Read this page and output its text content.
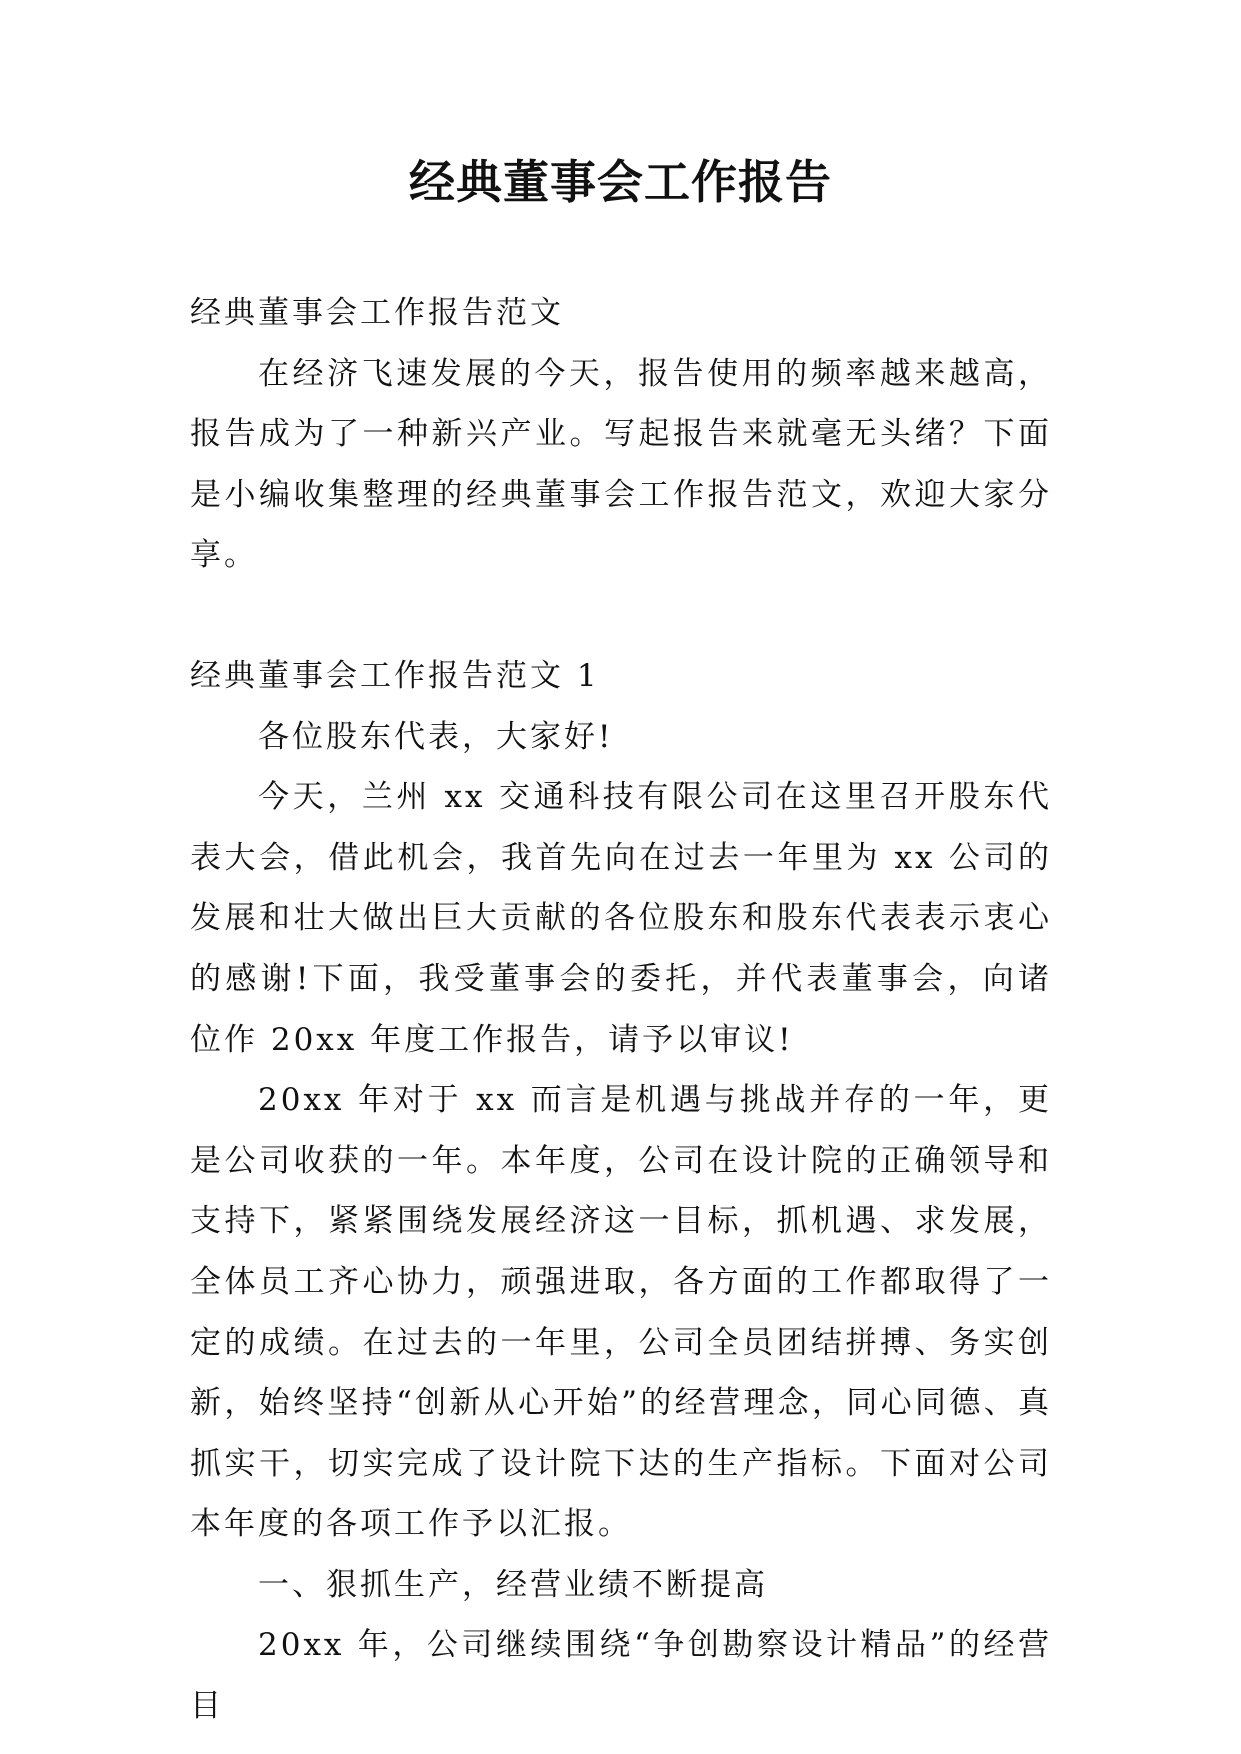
经典董事会工作报告

经典董事会工作报告范文

在经济飞速发展的今天，报告使用的频率越来越高，报告成为了一种新兴产业。写起报告来就毫无头绪？下面是小编收集整理的经典董事会工作报告范文，欢迎大家分享。

经典董事会工作报告范文 1

各位股东代表，大家好!

今天，兰州 xx 交通科技有限公司在这里召开股东代表大会，借此机会，我首先向在过去一年里为 xx 公司的发展和壮大做出巨大贡献的各位股东和股东代表表示衷心的感谢!下面，我受董事会的委托，并代表董事会，向诸位作 20xx 年度工作报告，请予以审议!

20xx 年对于 xx 而言是机遇与挑战并存的一年，更是公司收获的一年。本年度，公司在设计院的正确领导和支持下，紧紧围绕发展经济这一目标，抓机遇、求发展，全体员工齐心协力，顽强进取，各方面的工作都取得了一定的成绩。在过去的一年里，公司全员团结拼搏、务实创新，始终坚持“创新从心开始”的经营理念，同心同德、真抓实干，切实完成了设计院下达的生产指标。下面对公司本年度的各项工作予以汇报。

一、狠抓生产，经营业绩不断提高

20xx 年，公司继续围绕“争创勘察设计精品”的经营目
